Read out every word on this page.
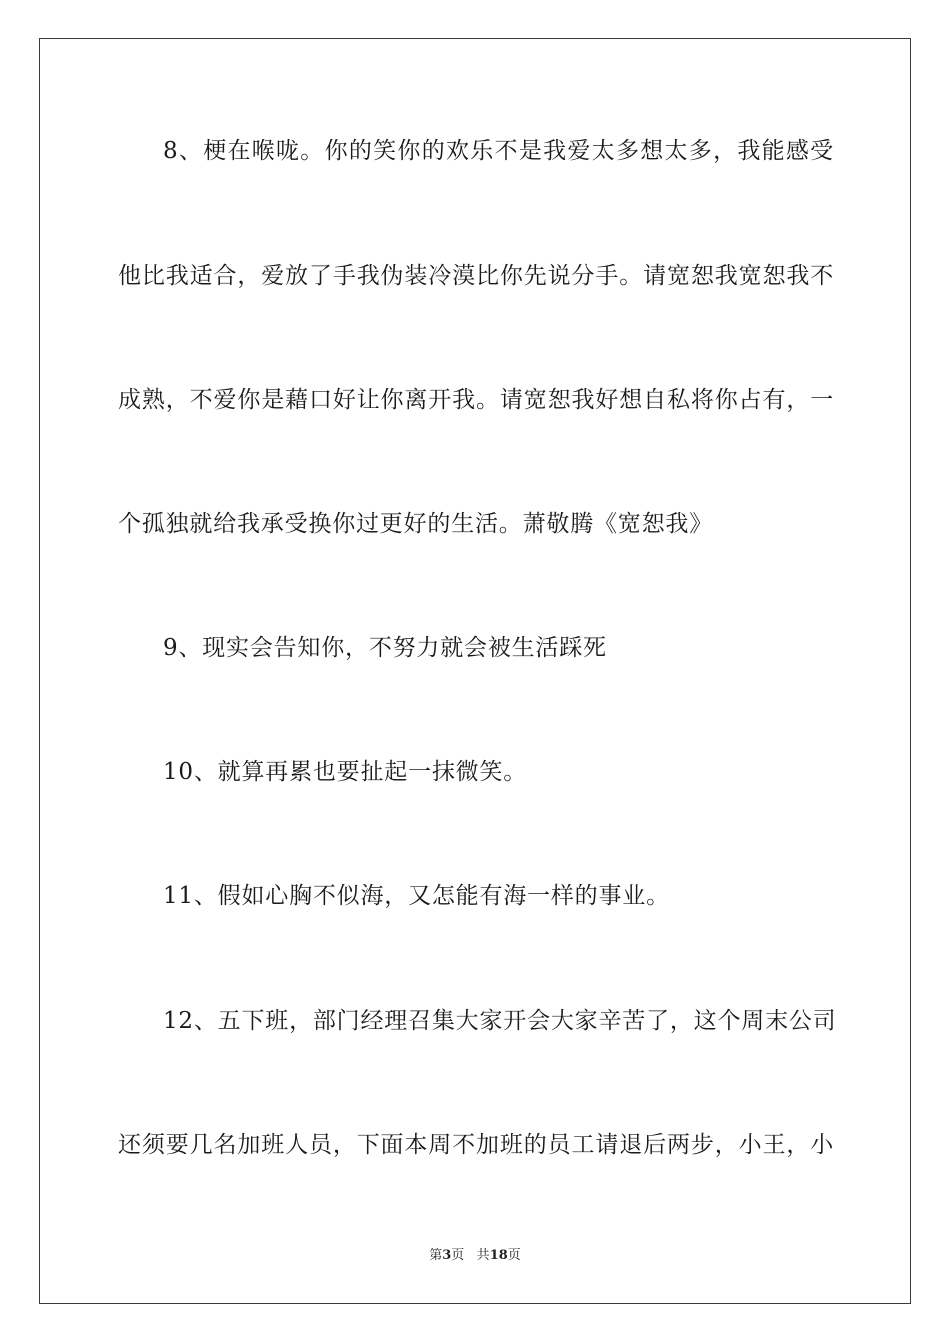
8、梗在喉咙。你的笑你的欢乐不是我爱太多想太多，我能感受
他比我适合，爱放了手我伪装冷漠比你先说分手。请宽恕我宽恕我不
成熟，不爱你是藉口好让你离开我。请宽恕我好想自私将你占有，一
个孤独就给我承受换你过更好的生活。萧敬腾《宽恕我》
9、现实会告知你，不努力就会被生活踩死
10、就算再累也要扯起一抹微笑。
11、假如心胸不似海，又怎能有海一样的事业。
12、五下班，部门经理召集大家开会大家辛苦了，这个周末公司
还须要几名加班人员，下面本周不加班的员工请退后两步，小王，小
第3页 共18页
